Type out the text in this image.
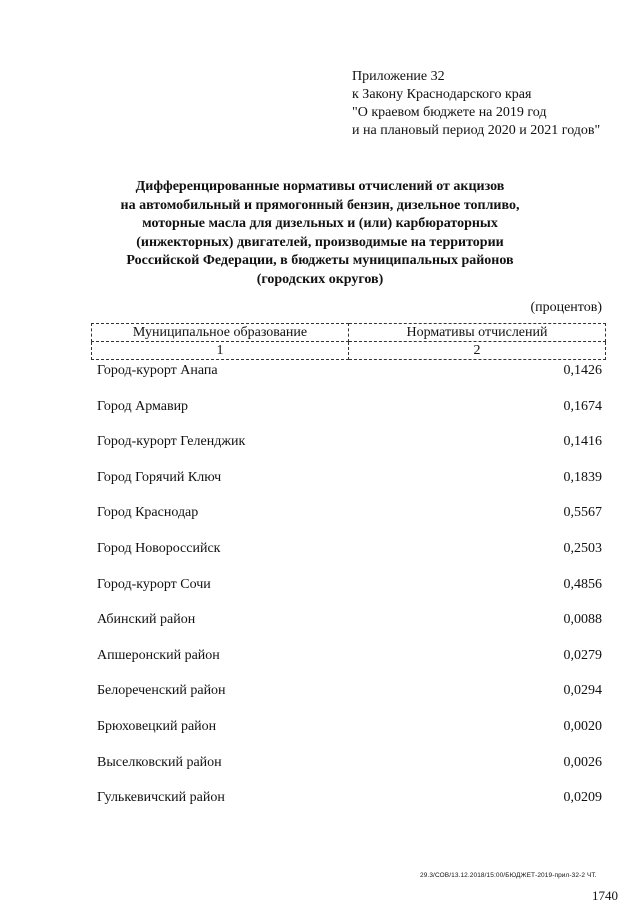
Приложение 32
к Закону Краснодарского края
"О краевом бюджете на 2019 год
и на плановый период 2020 и 2021 годов"
Дифференцированные нормативы отчислений от акцизов
на автомобильный и прямогонный бензин, дизельное топливо,
моторные масла для дизельных и (или) карбюраторных
(инжекторных) двигателей, производимые на территории
Российской Федерации, в бюджеты муниципальных районов
(городских округов)
(процентов)
Муниципальное образование	Нормативы отчислений
1	2
Город-курорт Анапа	0,1426
Город Армавир	0,1674
Город-курорт Геленджик	0,1416
Город Горячий Ключ	0,1839
Город Краснодар	0,5567
Город Новороссийск	0,2503
Город-курорт Сочи	0,4856
Абинский район	0,0088
Апшеронский район	0,0279
Белореченский район	0,0294
Брюховецкий район	0,0020
Выселковский район	0,0026
Гулькевичский район	0,0209
29.3/СОВ/13.12.2018/15:00/БЮДЖЕТ-2019-прил-32-2 ЧТ.
1740
